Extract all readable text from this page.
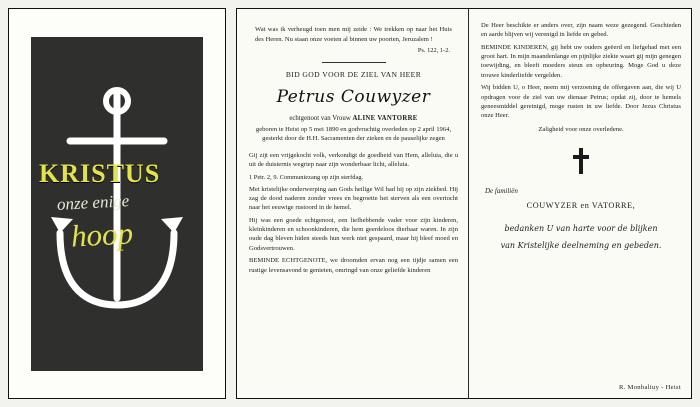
KRISTUS
onze enige
hoop
Wat was ik verheugd toen men mij zeide : We trekken op naar het Huis des Heren. Nu staan onze voeten al binnen uw poorten, Jeruzalem !
Ps. 122, 1-2.
BID GOD VOOR DE ZIEL VAN HEER
Petrus Couwyzer
echtgenoot van Vrouw ALINE VANTORRE
geboren te Heist op 5 mei 1890 en godvruchtig overleden op 2 april 1964, gesterkt door de H.H. Sacramenten der zieken en de pauselijke zegen

Gij zijt een vrijgekocht volk, verkondigt de goedheid van Hem, alleluia, die u uit de duisternis wegriep naar zijn wonderbaar licht, alleluia.

1 Petr. 2, 9. Communiezang op zijn sterfdag.

Met kristelijke onderwerping aan Gods heilige Wil had hij op zijn ziekbed. Hij zag de dood naderen zonder vrees en begroette het sterven als een overtocht naar het eeuwige rustoord in de hemel.

Hij was een goede echtgenoot, een liefhebbende vader voor zijn kinderen, kleinkinderen en schoonkinderen, die hem geerdeloos dierbaar waren. In zijn oude dag bleven hiden steeds hun werk niet gespaard, maar hij bleef moed en Godsvertrouwen.

BEMINDE ECHTGENOTE, we droomden ervan nog een tijdje samen een rustige levensavond te genieten, omringd van onze geliefde kinderen

De Heer beschikte er anders over, zijn naam weze gezegend. Geschieden en aarde blijven wij verenigd in liefde en gebed.

BEMINDE KINDEREN, gij hebt uw ouders geëerd en liefgehad met een groot hart. In mijn maandenlange en pijnlijke ziekte waart gij mijn genegen toewijding, en bleeft moeders steun en opbeuring. Moge God u deze trouwe kinderliefde vergelden.

Wij bidden U, o Heer, neem mij verzoening de offergaven aan, die wij U opdragen voor de ziel van uw dienaar Petrus; opdat zij, door te hemels geneesmiddel gereinigd, moge rusten in uw liefde. Door Jezus Christus onze Heer.

Zaligheid voor onze overledene.
De familiën
COUWYZER en VATORRE,
bedanken U van harte voor de blijken
van Kristelijke deelneming en gebeden.
R. Monbaliuy - Heist
